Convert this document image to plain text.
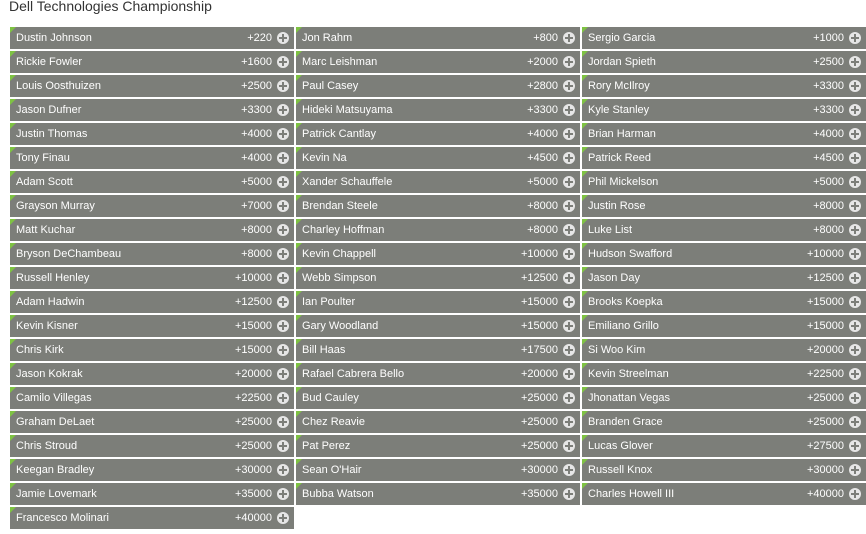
Dell Technologies Championship
Dustin Johnson	+220
Rickie Fowler	+1600
Louis Oosthuizen	+2500
Jason Dufner	+3300
Justin Thomas	+4000
Tony Finau	+4000
Adam Scott	+5000
Grayson Murray	+7000
Matt Kuchar	+8000
Bryson DeChambeau	+8000
Russell Henley	+10000
Adam Hadwin	+12500
Kevin Kisner	+15000
Chris Kirk	+15000
Jason Kokrak	+20000
Camilo Villegas	+22500
Graham DeLaet	+25000
Chris Stroud	+25000
Keegan Bradley	+30000
Jamie Lovemark	+35000
Francesco Molinari	+40000
Jon Rahm	+800
Marc Leishman	+2000
Paul Casey	+2800
Hideki Matsuyama	+3300
Patrick Cantlay	+4000
Kevin Na	+4500
Xander Schauffele	+5000
Brendan Steele	+8000
Charley Hoffman	+8000
Kevin Chappell	+10000
Webb Simpson	+12500
Ian Poulter	+15000
Gary Woodland	+15000
Bill Haas	+17500
Rafael Cabrera Bello	+20000
Bud Cauley	+25000
Chez Reavie	+25000
Pat Perez	+25000
Sean O'Hair	+30000
Bubba Watson	+35000
Sergio Garcia	+1000
Jordan Spieth	+2500
Rory McIlroy	+3300
Kyle Stanley	+3300
Brian Harman	+4000
Patrick Reed	+4500
Phil Mickelson	+5000
Justin Rose	+8000
Luke List	+8000
Hudson Swafford	+10000
Jason Day	+12500
Brooks Koepka	+15000
Emiliano Grillo	+15000
Si Woo Kim	+20000
Kevin Streelman	+22500
Jhonattan Vegas	+25000
Branden Grace	+25000
Lucas Glover	+27500
Russell Knox	+30000
Charles Howell III	+40000
